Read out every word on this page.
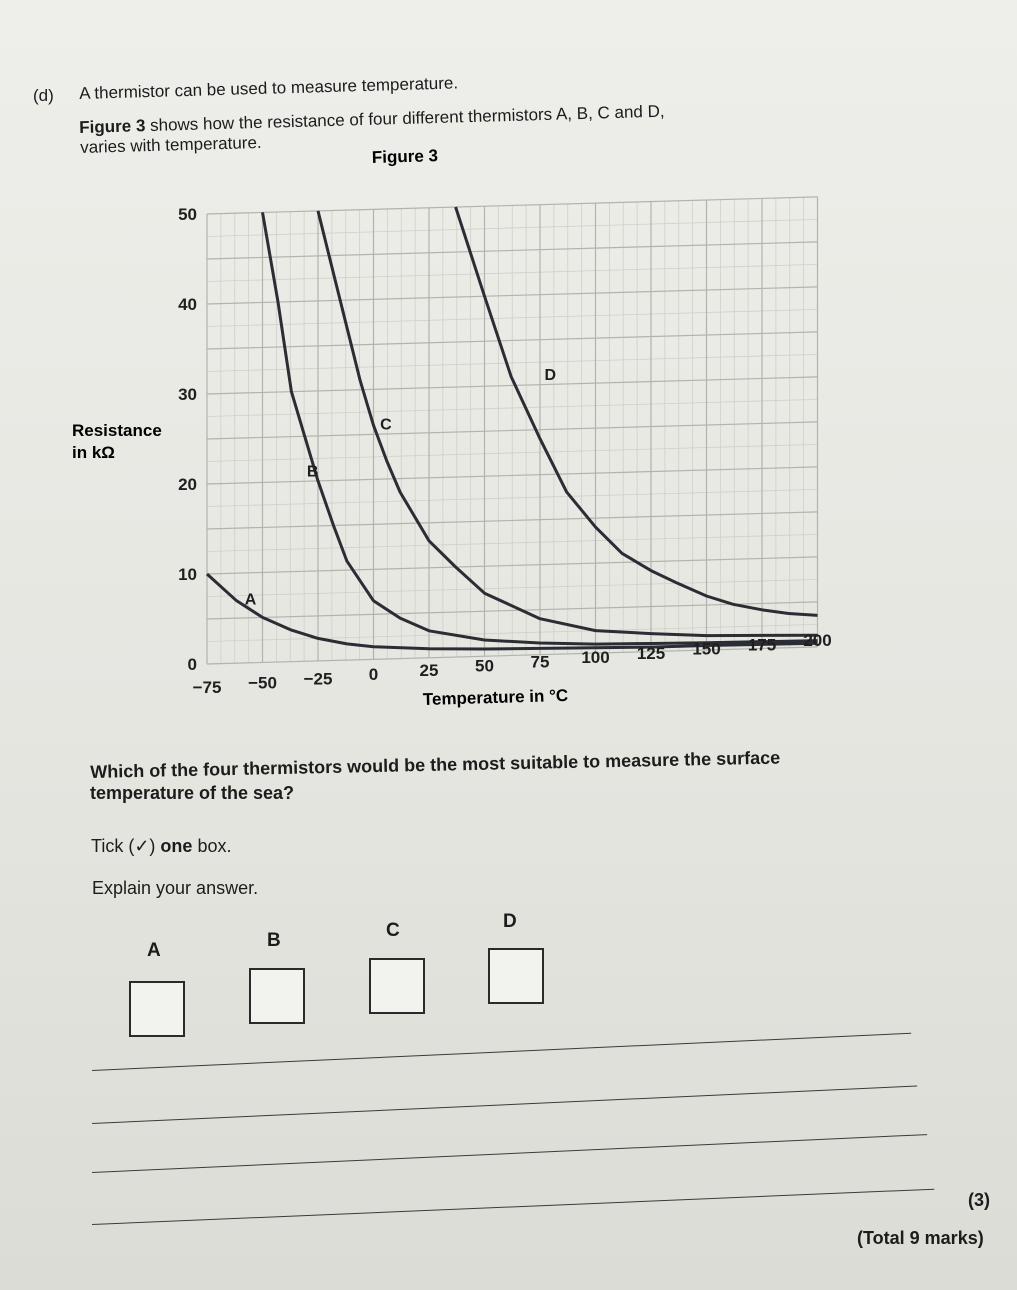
(d) A thermistor can be used to measure temperature.
Figure 3 shows how the resistance of four different thermistors A, B, C and D,
varies with temperature.
−75 −50 −25 0 25 50 75 100 125 150 175 200
0
10
20
30
40
50
A
B
C
D
Figure 3
Resistance
in kΩ
Temperature in °C
Which of the four thermistors would be the most suitable to measure the surface
temperature of the sea?
Tick (✓) one box.
Explain your answer.
A	B	C	D
(3)
(Total 9 marks)
